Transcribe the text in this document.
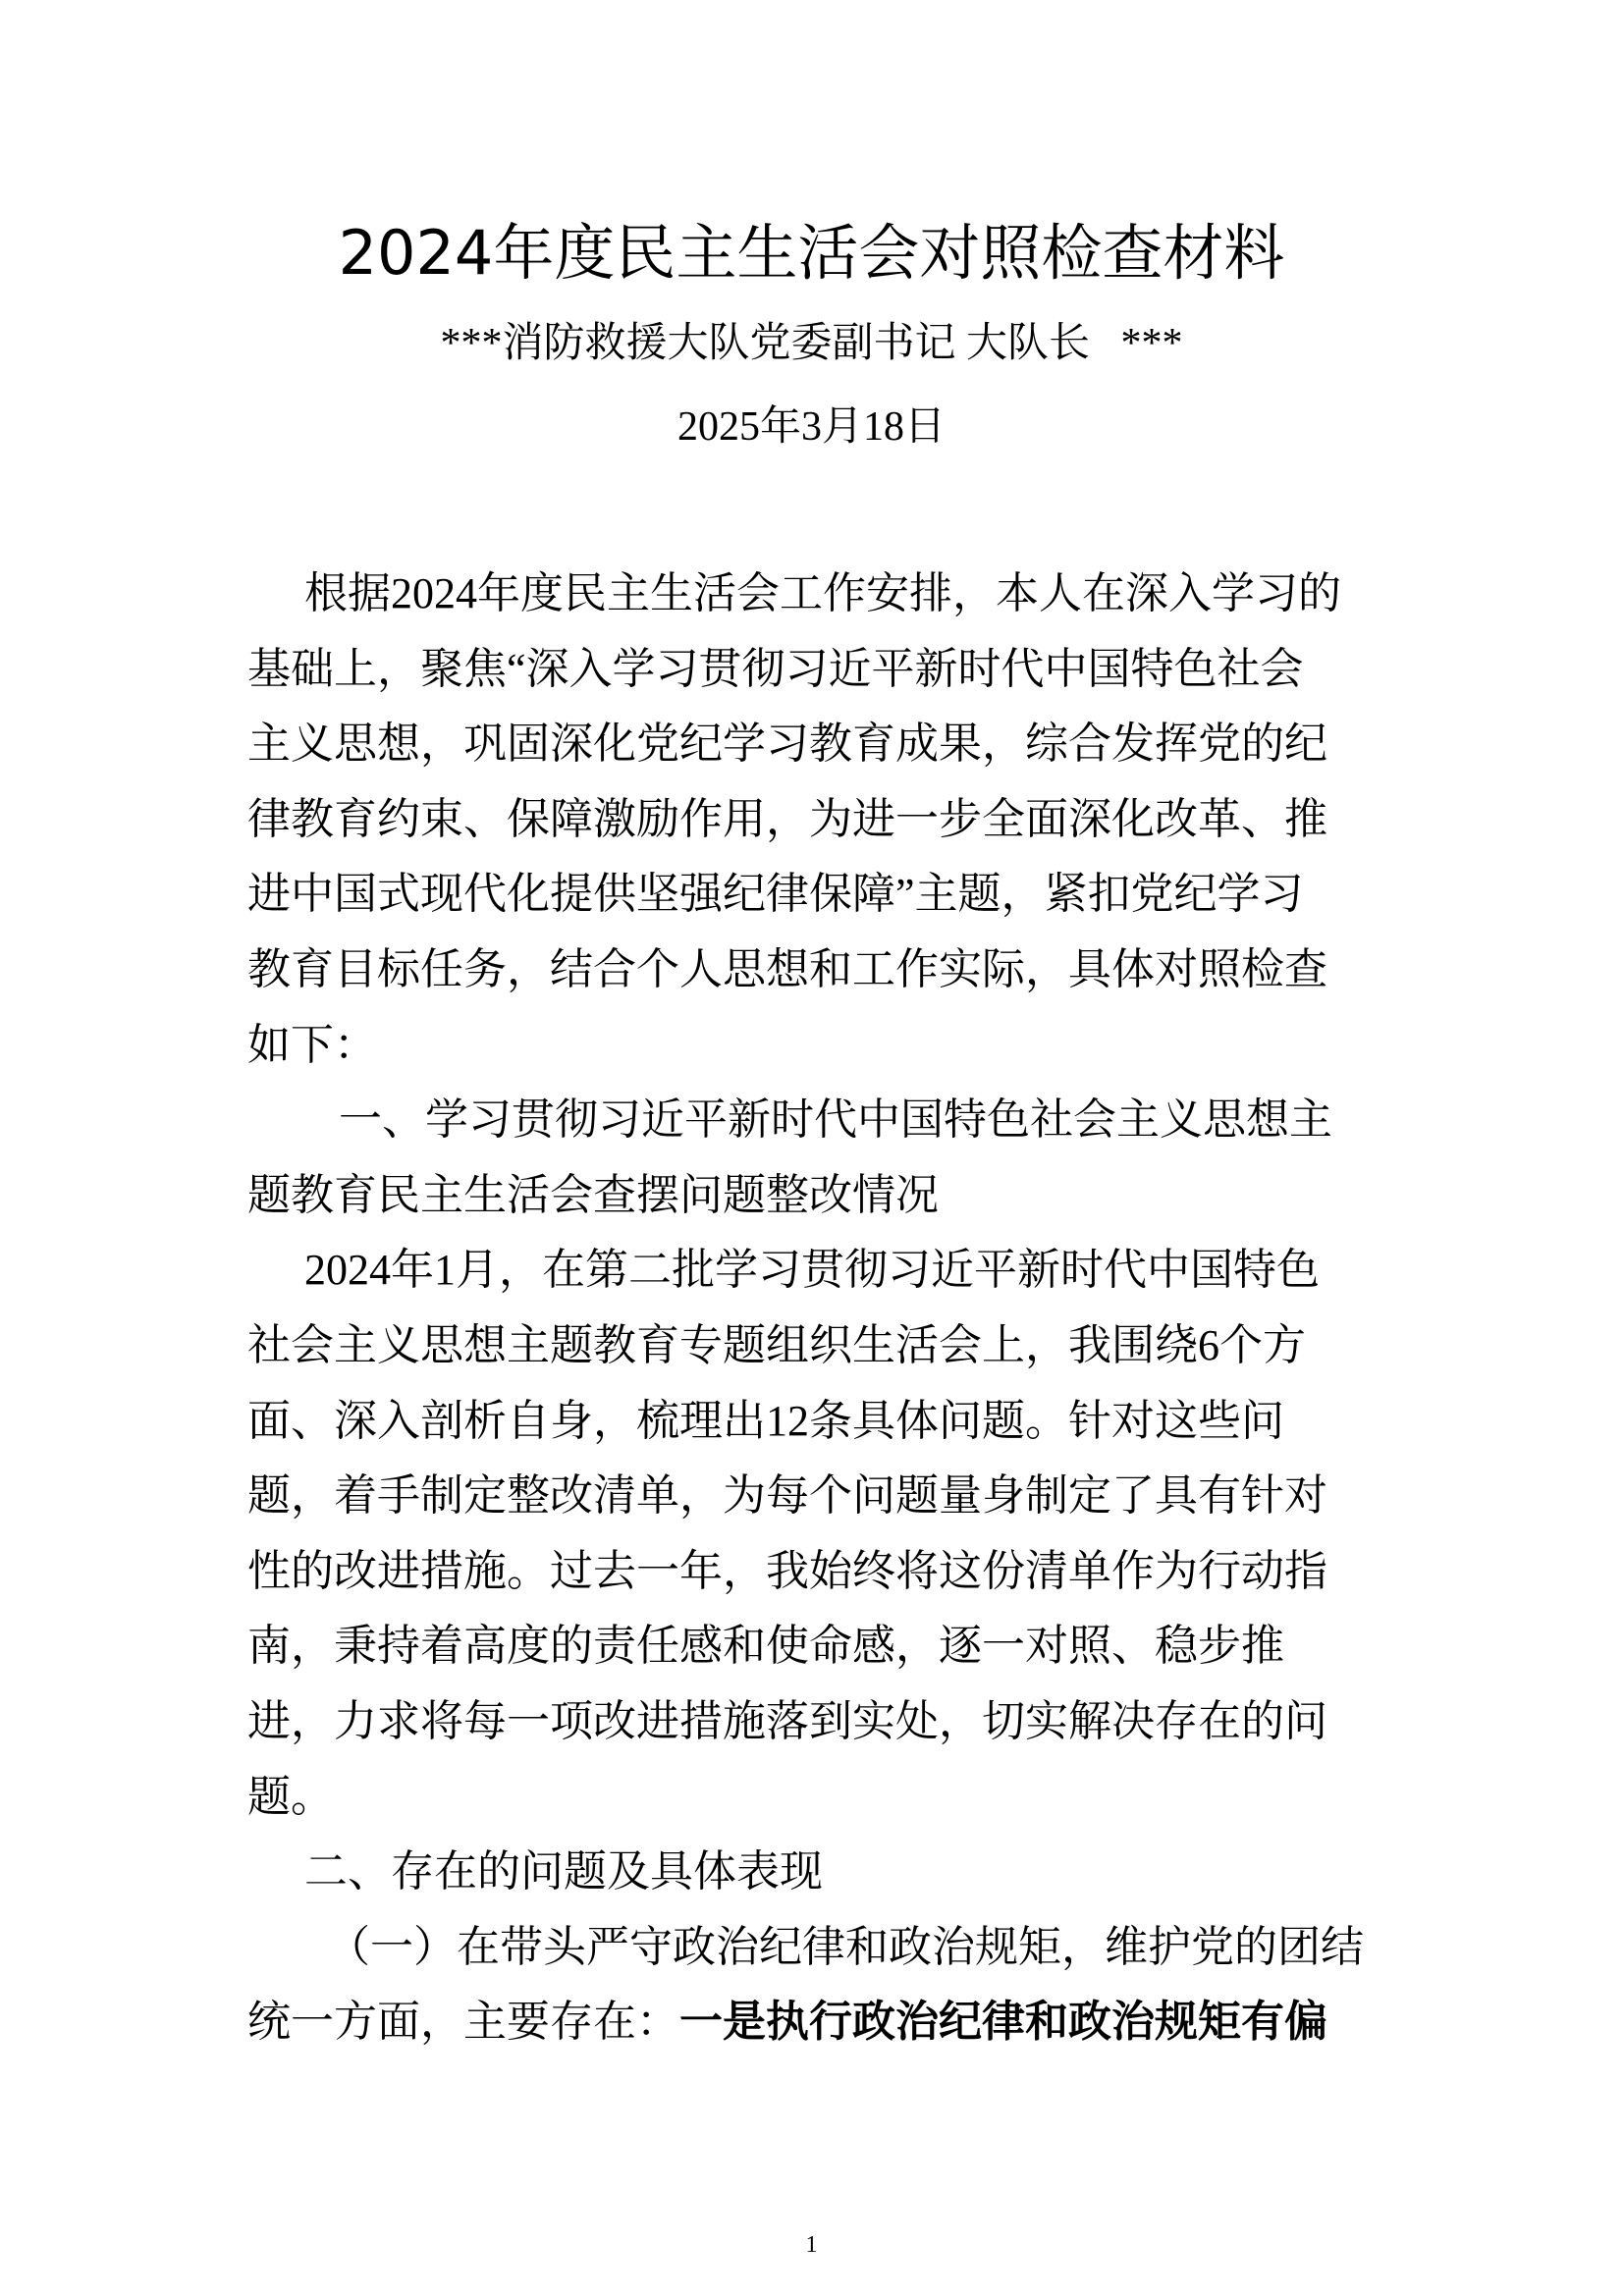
2024年度民主生活会对照检查材料
***消防救援大队党委副书记 大队长   ***
2025年3月18日
根据2024年度民主生活会工作安排，本人在深入学习的
基础上，聚焦“深入学习贯彻习近平新时代中国特色社会
主义思想，巩固深化党纪学习教育成果，综合发挥党的纪
律教育约束、保障激励作用，为进一步全面深化改革、推
进中国式现代化提供坚强纪律保障”主题，紧扣党纪学习
教育目标任务，结合个人思想和工作实际，具体对照检查
如下：
一、学习贯彻习近平新时代中国特色社会主义思想主
题教育民主生活会查摆问题整改情况
2024年1月，在第二批学习贯彻习近平新时代中国特色
社会主义思想主题教育专题组织生活会上，我围绕6个方
面、深入剖析自身，梳理出12条具体问题。针对这些问
题，着手制定整改清单，为每个问题量身制定了具有针对
性的改进措施。过去一年，我始终将这份清单作为行动指
南，秉持着高度的责任感和使命感，逐一对照、稳步推
进，力求将每一项改进措施落到实处，切实解决存在的问
题。
二、存在的问题及具体表现
（一）在带头严守政治纪律和政治规矩，维护党的团结
统一方面，主要存在：一是执行政治纪律和政治规矩有偏
1
